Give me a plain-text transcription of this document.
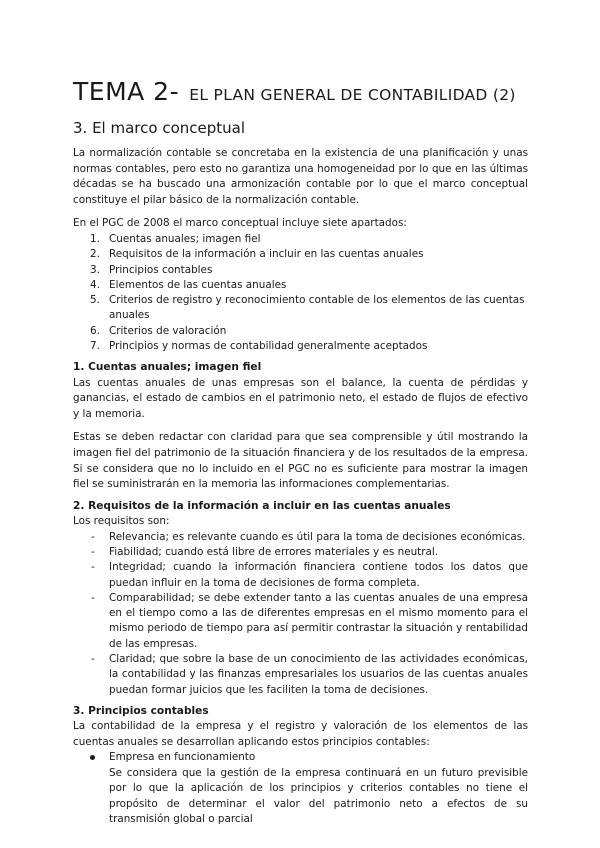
TEMA 2- EL PLAN GENERAL DE CONTABILIDAD (2)
3. El marco conceptual

La normalización contable se concretaba en la existencia de una planificación y unas normas contables, pero esto no garantiza una homogeneidad por lo que en las últimas décadas se ha buscado una armonización contable por lo que el marco conceptual constituye el pilar básico de la normalización contable.

En el PGC de 2008 el marco conceptual incluye siete apartados:

1. Cuentas anuales; imagen fiel
2. Requisitos de la información a incluir en las cuentas anuales
3. Principios contables
4. Elementos de las cuentas anuales
5. Criterios de registro y reconocimiento contable de los elementos de las cuentas anuales
6. Criterios de valoración
7. Principios y normas de contabilidad generalmente aceptados
1. Cuentas anuales; imagen fiel

Las cuentas anuales de unas empresas son el balance, la cuenta de pérdidas y ganancias, el estado de cambios en el patrimonio neto, el estado de flujos de efectivo y la memoria.

Estas se deben redactar con claridad para que sea comprensible y útil mostrando la imagen fiel del patrimonio de la situación financiera y de los resultados de la empresa. Si se considera que no lo incluido en el PGC no es suficiente para mostrar la imagen fiel se suministrarán en la memoria las informaciones complementarias.

2. Requisitos de la información a incluir en las cuentas anuales

Los requisitos son:

- Relevancia; es relevante cuando es útil para la toma de decisiones económicas.
- Fiabilidad; cuando está libre de errores materiales y es neutral.
- Integridad; cuando la información financiera contiene todos los datos que puedan influir en la toma de decisiones de forma completa.
- Comparabilidad; se debe extender tanto a las cuentas anuales de una empresa en el tiempo como a las de diferentes empresas en el mismo momento para el mismo periodo de tiempo para así permitir contrastar la situación y rentabilidad de las empresas.
- Claridad; que sobre la base de un conocimiento de las actividades económicas, la contabilidad y las finanzas empresariales los usuarios de las cuentas anuales puedan formar juicios que les faciliten la toma de decisiones.
3. Principios contables

La contabilidad de la empresa y el registro y valoración de los elementos de las cuentas anuales se desarrollan aplicando estos principios contables:

Empresa en funcionamiento

Se considera que la gestión de la empresa continuará en un futuro previsible por lo que la aplicación de los principios y criterios contables no tiene el propósito de determinar el valor del patrimonio neto a efectos de su transmisión global o parcial
